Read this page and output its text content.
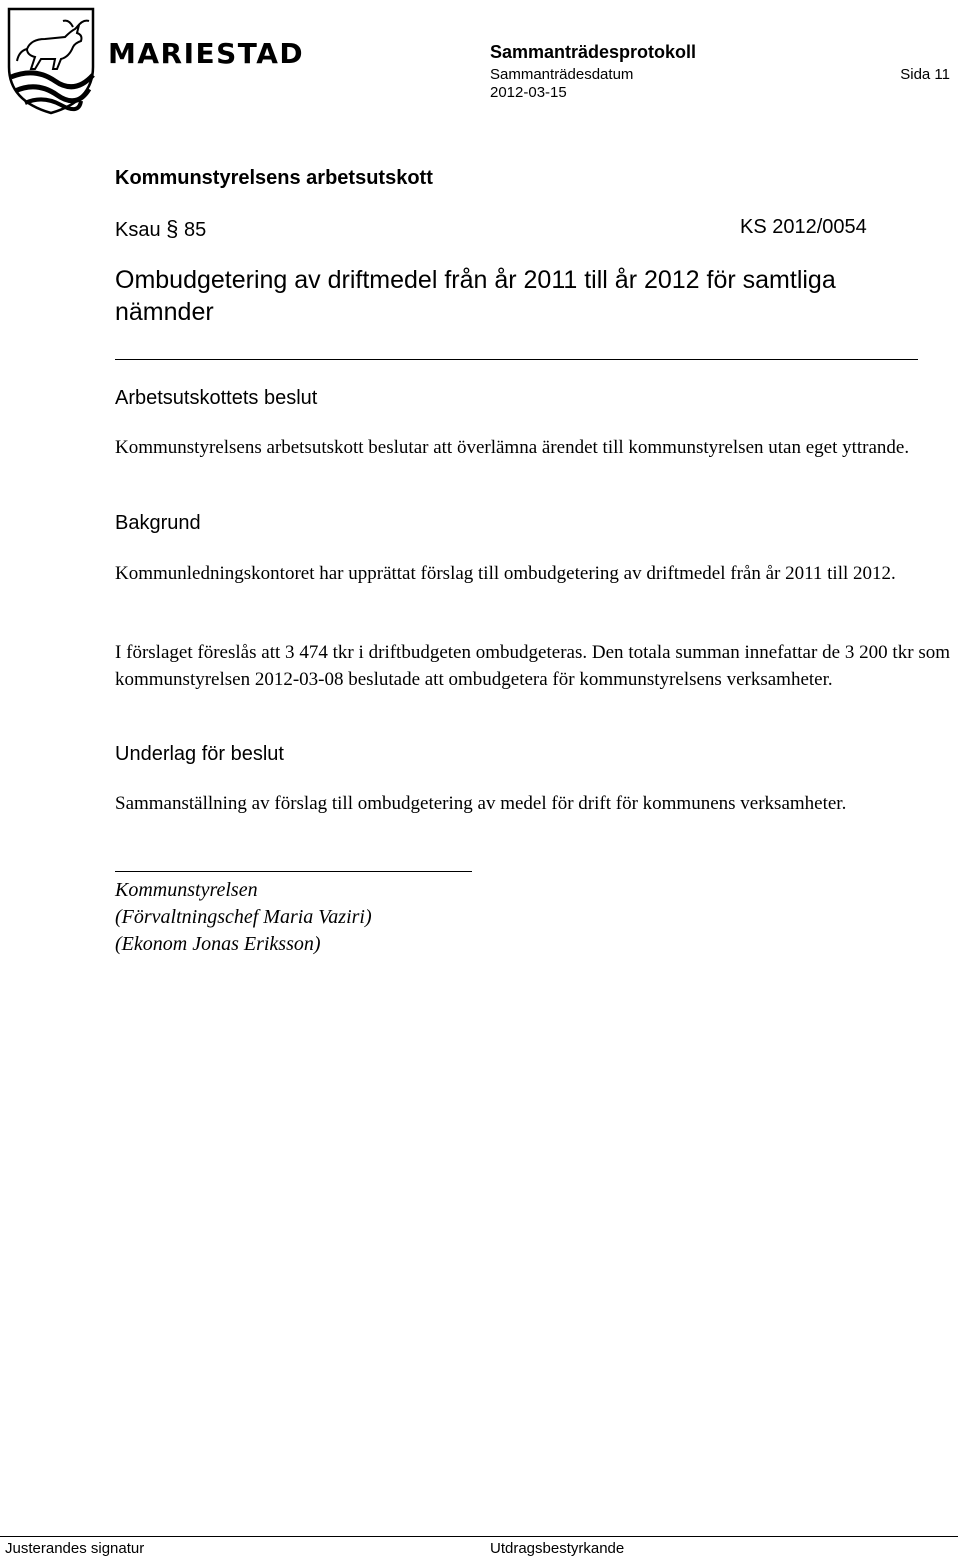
MARIESTAD	Sammanträdesprotokoll
Sammanträdesdatum
2012-03-15
Sida 11
Kommunstyrelsens arbetsutskott
Ksau § 85	KS 2012/0054
Ombudgetering av driftmedel från år 2011 till år 2012 för samtliga nämnder
Arbetsutskottets beslut
Kommunstyrelsens arbetsutskott beslutar att överlämna ärendet till kommunstyrelsen utan eget yttrande.
Bakgrund
Kommunledningskontoret har upprättat förslag till ombudgetering av driftmedel från år 2011 till 2012.
I förslaget föreslås att 3 474 tkr i driftbudgeten ombudgeteras. Den totala summan innefattar de 3 200 tkr som kommunstyrelsen 2012-03-08 beslutade att ombudgetera för kommunstyrelsens verksamheter.
Underlag för beslut
Sammanställning av förslag till ombudgetering av medel för drift för kommunens verksamheter.
Kommunstyrelsen
(Förvaltningschef Maria Vaziri)
(Ekonom Jonas Eriksson)
Justerandes signatur	Utdragsbestyrkande
